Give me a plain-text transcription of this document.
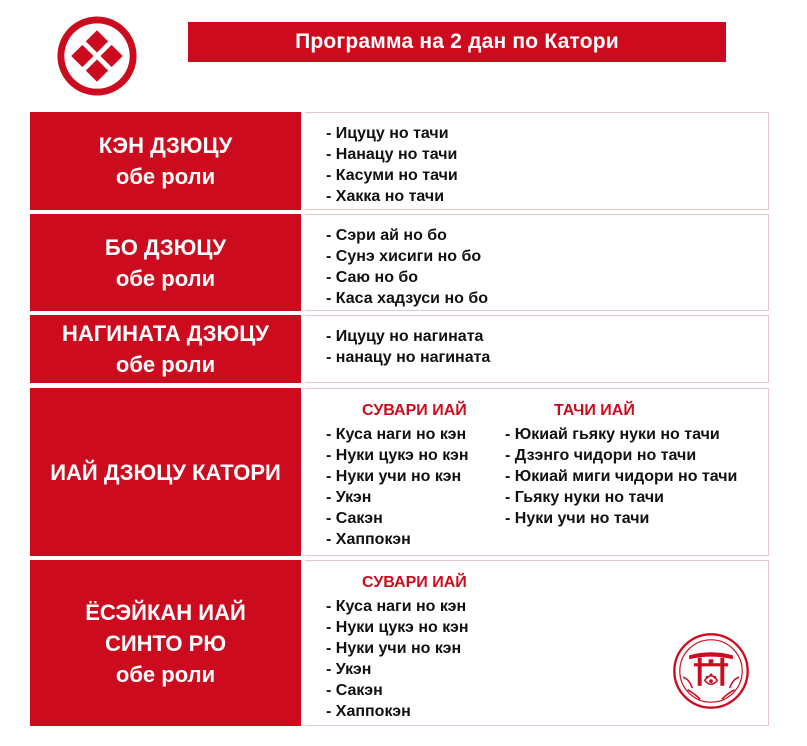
Программа на 2 дан по Катори
КЭН ДЗЮЦУ
обе роли
- Ицуцу но тачи
- Нанацу но тачи
- Касуми но тачи
- Хакка но тачи
БО ДЗЮЦУ
обе роли
- Сэри ай но бо
- Сунэ хисиги но бо
- Саю но бо
- Каса хадзуси но бо
НАГИНАТА ДЗЮЦУ
обе роли
- Ицуцу но нагината
- нанацу но нагината
ИАЙ ДЗЮЦУ КАТОРИ
СУВАРИ ИАЙ
- Куса наги но кэн
- Нуки цукэ но кэн
- Нуки учи но кэн
- Укэн
- Сакэн
- Хаппокэн
ТАЧИ ИАЙ
- Юкиай гьяку нуки но тачи
- Дзэнго чидори но тачи
- Юкиай миги чидори но тачи
- Гьяку нуки но тачи
- Нуки учи но тачи
ЁСЭЙКАН ИАЙ
СИНТО РЮ
обе роли
СУВАРИ ИАЙ
- Куса наги но кэн
- Нуки цукэ но кэн
- Нуки учи но кэн
- Укэн
- Сакэн
- Хаппокэн
